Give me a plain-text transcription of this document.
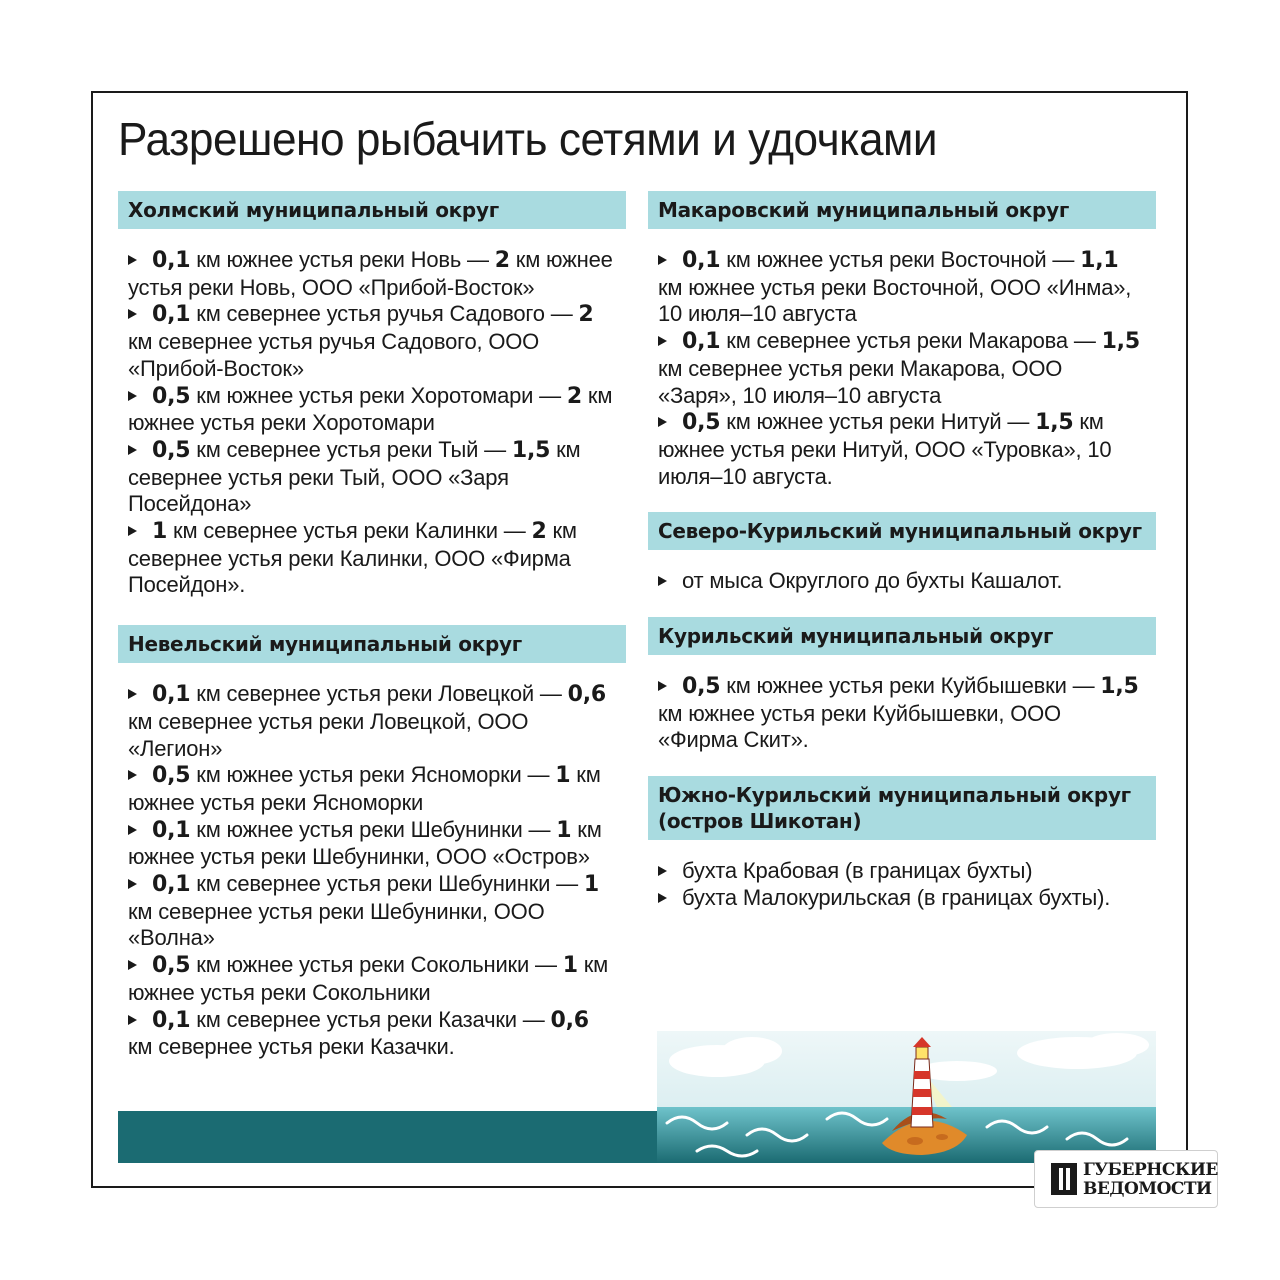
Разрешено рыбачить сетями и удочками
Холмский муниципальный округ
0,1 км южнее устья реки Новь — 2 км южнее устья реки Новь, ООО «Прибой-Восток»
0,1 км севернее устья ручья Садового — 2 км севернее устья ручья Садового, ООО «Прибой-Восток»
0,5 км южнее устья реки Хоротомари — 2 км южнее устья реки Хоротомари
0,5 км севернее устья реки Тый — 1,5 км севернее устья реки Тый, ООО «Заря Посейдона»
1 км севернее устья реки Калинки — 2 км севернее устья реки Калинки, ООО «Фирма Посейдон».
Невельский муниципальный округ
0,1 км севернее устья реки Ловецкой — 0,6 км севернее устья реки Ловецкой, ООО «Легион»
0,5 км южнее устья реки Ясноморки — 1 км южнее устья реки Ясноморки
0,1 км южнее устья реки Шебунинки — 1 км южнее устья реки Шебунинки, ООО «Остров»
0,1 км севернее устья реки Шебунинки — 1 км севернее устья реки Шебунинки, ООО «Волна»
0,5 км южнее устья реки Сокольники — 1 км южнее устья реки Сокольники
0,1 км севернее устья реки Казачки — 0,6 км севернее устья реки Казачки.
Макаровский муниципальный округ
0,1 км южнее устья реки Восточной — 1,1 км южнее устья реки Восточной, ООО «Инма», 10 июля–10 августа
0,1 км севернее устья реки Макарова — 1,5 км севернее устья реки Макарова, ООО «Заря», 10 июля–10 августа
0,5 км южнее устья реки Нитуй — 1,5 км южнее устья реки Нитуй, ООО «Туровка», 10 июля–10 августа.
Северо-Курильский муниципальный округ
от мыса Округлого до бухты Кашалот.
Курильский муниципальный округ
0,5 км южнее устья реки Куйбышевки — 1,5 км южнее устья реки Куйбышевки, ООО «Фирма Скит».
Южно-Курильский муниципальный округ (остров Шикотан)
бухта Крабовая (в границах бухты)
бухта Малокурильская (в границах бухты).
ГУБЕРНСКИЕ
ВЕДОМОСТИ
